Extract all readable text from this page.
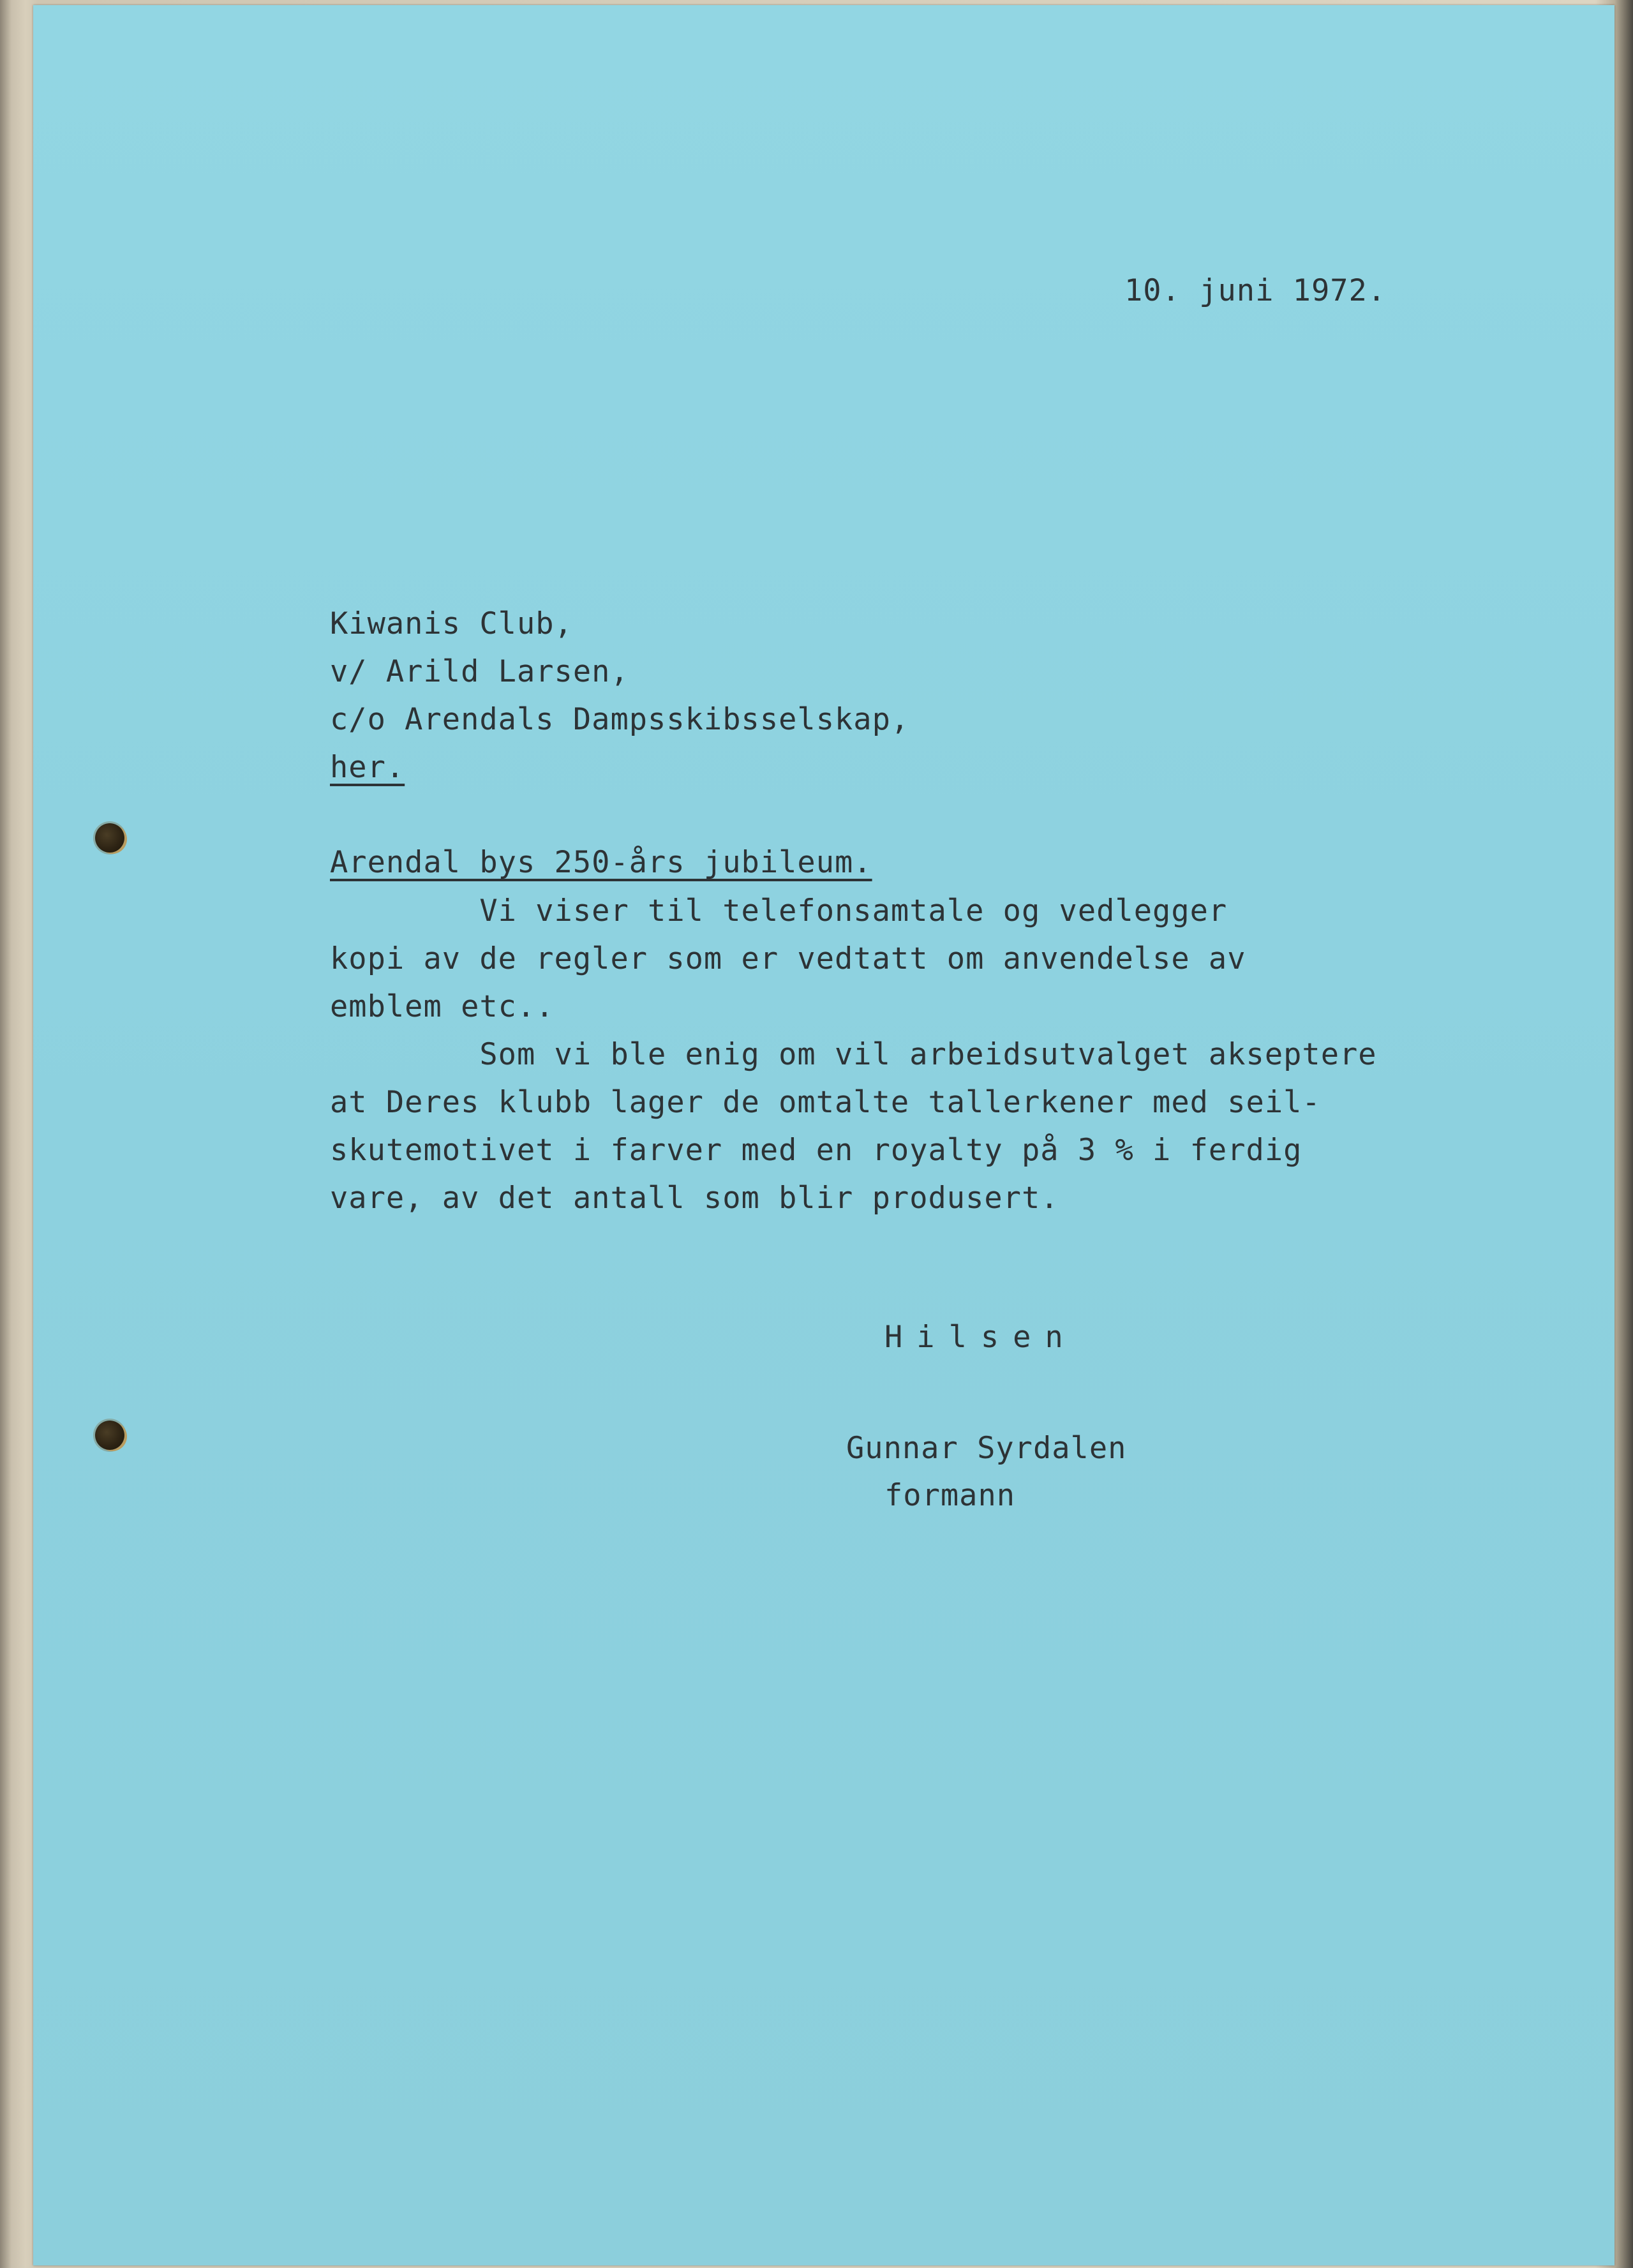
10. juni 1972.
Kiwanis Club,
v/ Arild Larsen,
c/o Arendals Dampsskibsselskap,
her.
Arendal bys 250-års jubileum.
Vi viser til telefonsamtale og vedlegger
kopi av de regler som er vedtatt om anvendelse av
emblem etc..
Som vi ble enig om vil arbeidsutvalget akseptere
at Deres klubb lager de omtalte tallerkener med seil-
skutemotivet i farver med en royalty på 3 % i ferdig
vare, av det antall som blir produsert.
Hilsen
Gunnar Syrdalen
formann
